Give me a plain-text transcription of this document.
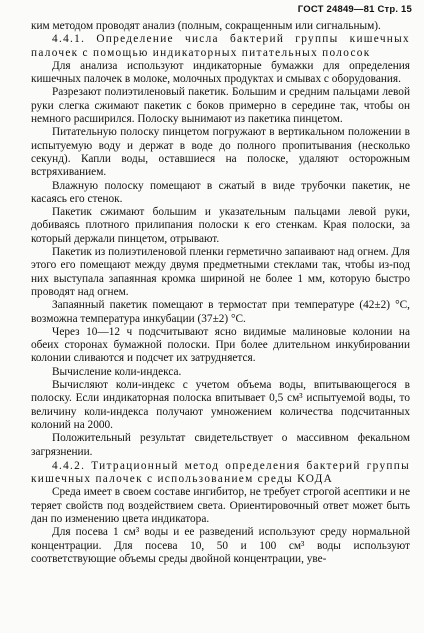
ГОСТ 24849—81 Стр. 15

ким методом проводят анализ (полным, сокращенным или сигнальным).

4.4.1. Определение числа бактерий группы кишечных палочек с помощью индикаторных питательных полосок

Для анализа используют индикаторные бумажки для определения кишечных палочек в молоке, молочных продуктах и смывах с оборудования.

Разрезают полиэтиленовый пакетик. Большим и средним пальцами левой руки слегка сжимают пакетик с боков примерно в середине так, чтобы он немного расширился. Полоску вынимают из пакетика пинцетом.

Питательную полоску пинцетом погружают в вертикальном положении в испытуемую воду и держат в воде до полного пропитывания (несколько секунд). Капли воды, оставшиеся на полоске, удаляют осторожным встряхиванием.

Влажную полоску помещают в сжатый в виде трубочки пакетик, не касаясь его стенок.

Пакетик сжимают большим и указательным пальцами левой руки, добиваясь плотного прилипания полоски к его стенкам. Края полоски, за который держали пинцетом, отрывают.

Пакетик из полиэтиленовой пленки герметично запаивают над огнем. Для этого его помещают между двумя предметными стеклами так, чтобы из-под них выступала запаянная кромка шириной не более 1 мм, которую быстро проводят над огнем.

Запаянный пакетик помещают в термостат при температуре (42±2) °С, возможна температура инкубации (37±2) °С.

Через 10—12 ч подсчитывают ясно видимые малиновые колонии на обеих сторонах бумажной полоски. При более длительном инкубировании колонии сливаются и подсчет их затрудняется.

Вычисление коли-индекса.

Вычисляют коли-индекс с учетом объема воды, впитывающегося в полоску. Если индикаторная полоска впитывает 0,5 см³ испытуемой воды, то величину коли-индекса получают умножением количества подсчитанных колоний на 2000.

Положительный результат свидетельствует о массивном фекальном загрязнении.

4.4.2. Титрационный метод определения бактерий группы кишечных палочек с использованием среды КОДА

Среда имеет в своем составе ингибитор, не требует строгой асептики и не теряет свойств под воздействием света. Ориентировочный ответ может быть дан по изменению цвета индикатора.

Для посева 1 см³ воды и ее разведений используют среду нормальной концентрации. Для посева 10, 50 и 100 см³ воды используют соответствующие объемы среды двойной концентрации, уве-
